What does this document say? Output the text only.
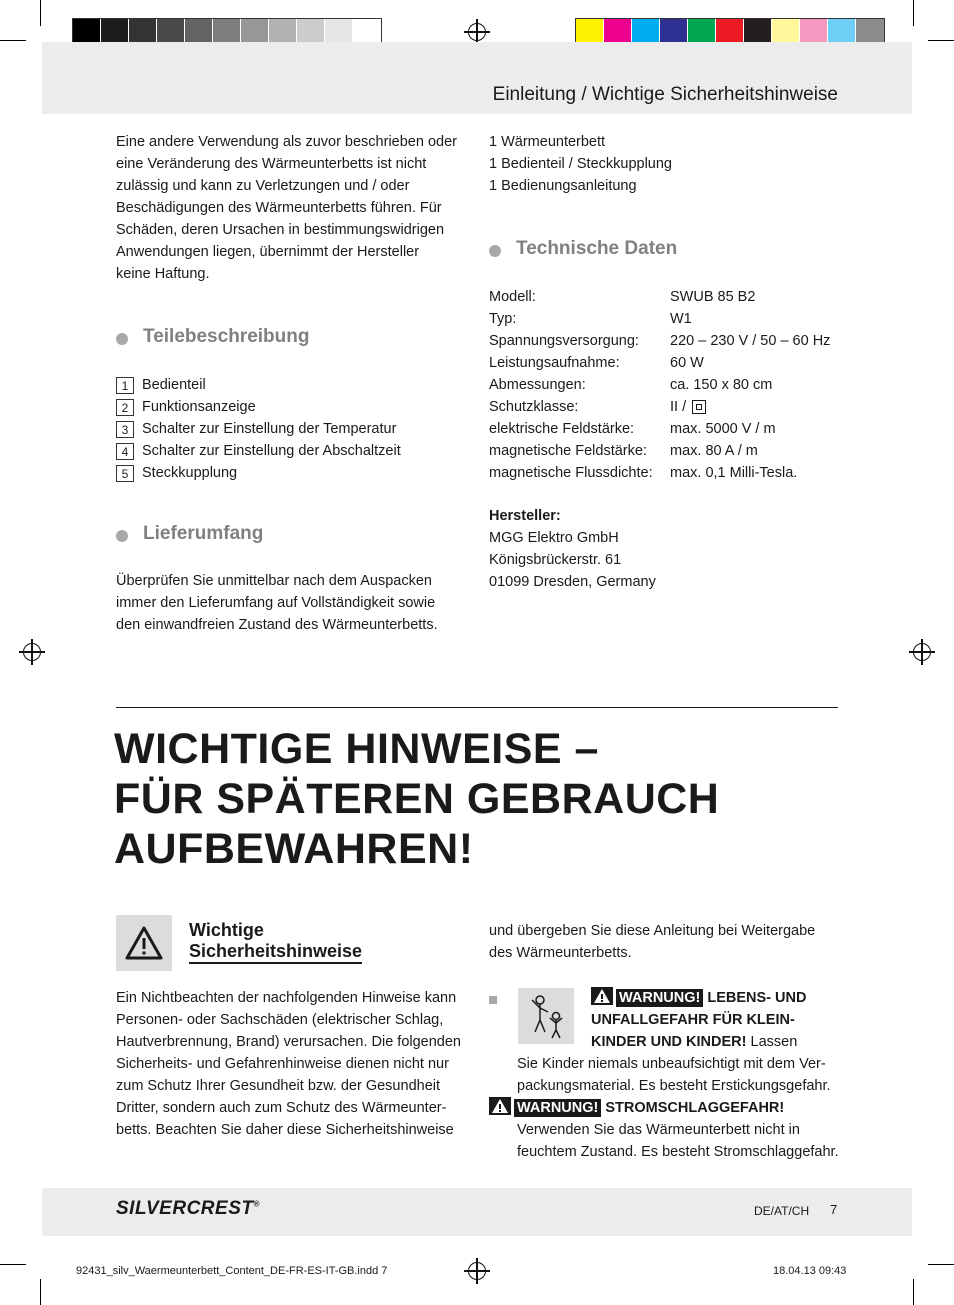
Einleitung / Wichtige Sicherheitshinweise
Eine andere Verwendung als zuvor beschrieben oder
eine Veränderung des Wärmeunterbetts ist nicht
zulässig und kann zu Verletzungen und / oder
Beschädigungen des Wärmeunterbetts führen. Für
Schäden, deren Ursachen in bestimmungswidrigen
Anwendungen liegen, übernimmt der Hersteller
keine Haftung.
Teilebeschreibung
1 Bedienteil
2 Funktionsanzeige
3 Schalter zur Einstellung der Temperatur
4 Schalter zur Einstellung der Abschaltzeit
5 Steckkupplung
Lieferumfang
Überprüfen Sie unmittelbar nach dem Auspacken
immer den Lieferumfang auf Vollständigkeit sowie
den einwandfreien Zustand des Wärmeunterbetts.
1 Wärmeunterbett
1 Bedienteil / Steckkupplung
1 Bedienungsanleitung
Technische Daten
Modell:	SWUB 85 B2
Typ:	W1
Spannungsversorgung:	220 – 230 V / 50 – 60 Hz
Leistungsaufnahme:	60 W
Abmessungen:	ca. 150 x 80 cm
Schutzklasse:	II /
elektrische Feldstärke:	max. 5000 V / m
magnetische Feldstärke:	max. 80 A / m
magnetische Flussdichte:	max. 0,1 Milli-Tesla.
Hersteller:
MGG Elektro GmbH
Königsbrückerstr. 61
01099 Dresden, Germany
WICHTIGE HINWEISE –
FÜR SPÄTEREN GEBRAUCH
AUFBEWAHREN!
Wichtige
Sicherheitshinweise
Ein Nichtbeachten der nachfolgenden Hinweise kann
Personen- oder Sachschäden (elektrischer Schlag,
Hautverbrennung, Brand) verursachen. Die folgenden
Sicherheits- und Gefahrenhinweise dienen nicht nur
zum Schutz Ihrer Gesundheit bzw. der Gesundheit
Dritter, sondern auch zum Schutz des Wärmeunter-
betts. Beachten Sie daher diese Sicherheitshinweise
und übergeben Sie diese Anleitung bei Weitergabe
des Wärmeunterbetts.
WARNUNG! LEBENS- UND
UNFALLGEFAHR FÜR KLEIN-
KINDER UND KINDER! Lassen
Sie Kinder niemals unbeaufsichtigt mit dem Ver-
packungsmaterial. Es besteht Erstickungsgefahr.
WARNUNG! STROMSCHLAGGEFAHR!
Verwenden Sie das Wärmeunterbett nicht in
feuchtem Zustand. Es besteht Stromschlaggefahr.
SILVERCREST®	DE/AT/CH 7
92431_silv_Waermeunterbett_Content_DE-FR-ES-IT-GB.indd 7	18.04.13 09:43
